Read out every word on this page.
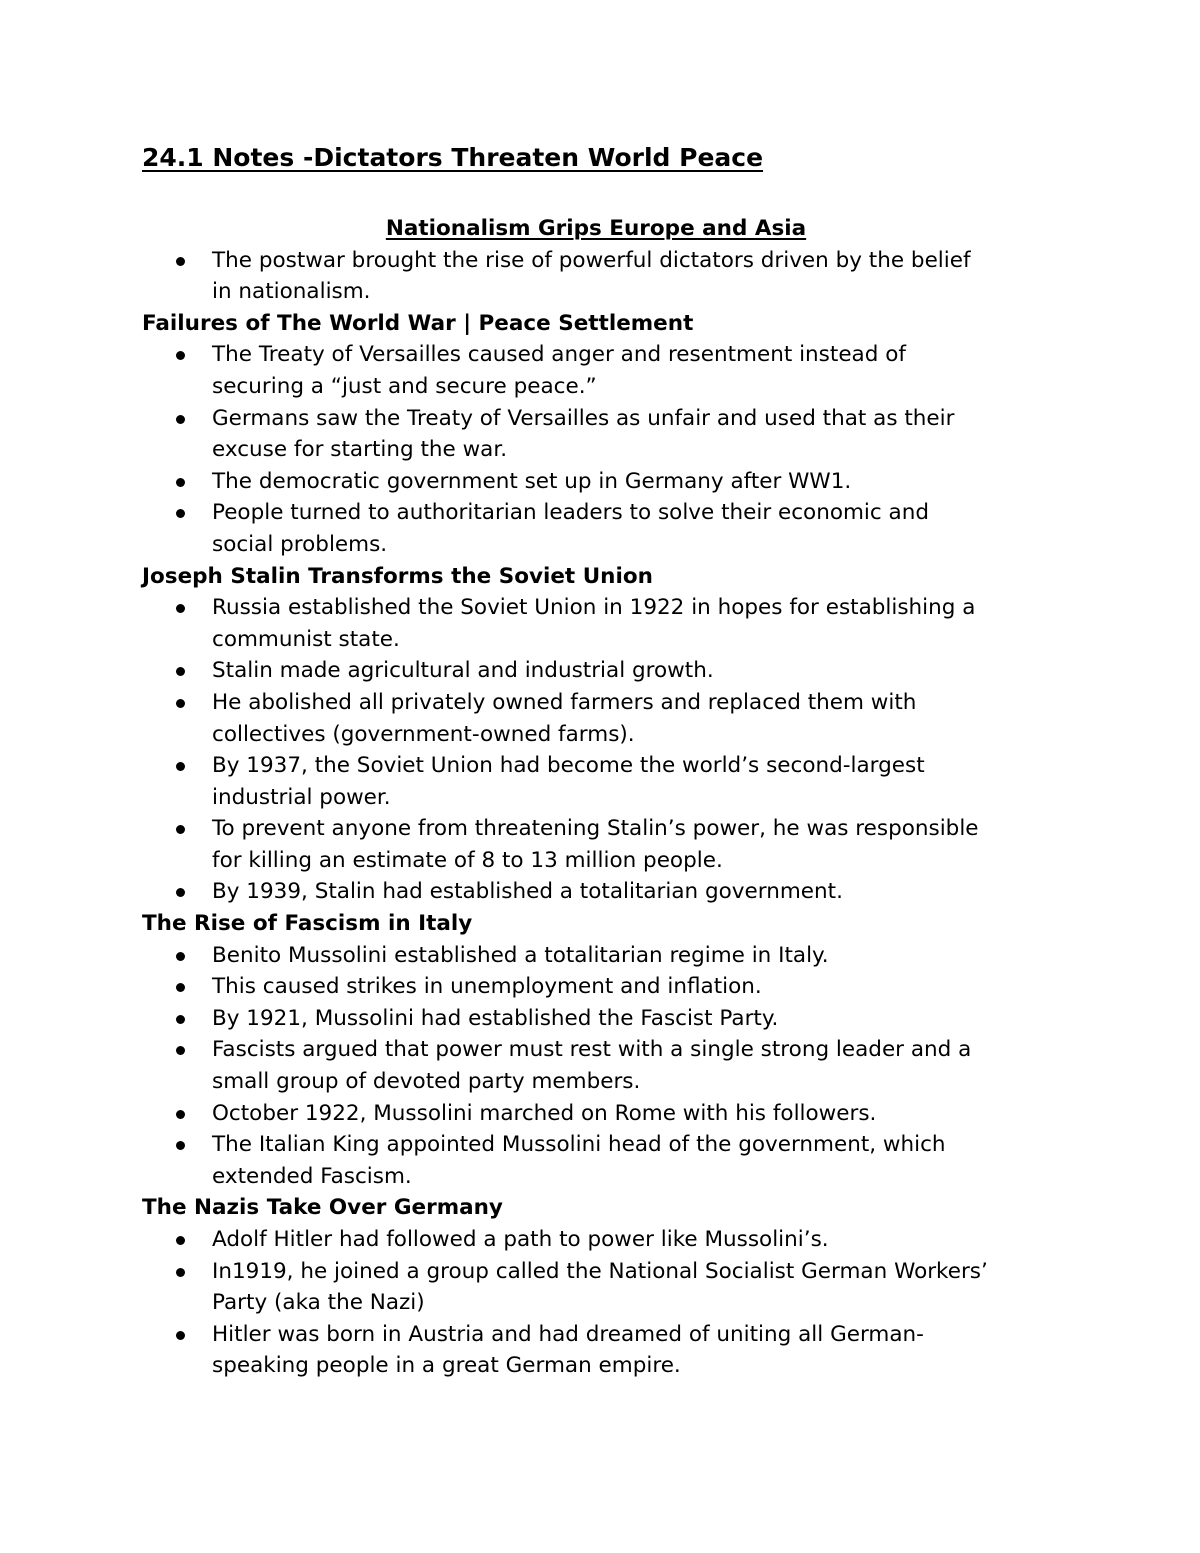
24.1 Notes -Dictators Threaten World Peace
Nationalism Grips Europe and Asia
The postwar brought the rise of powerful dictators driven by the belief in nationalism.
Failures of The World War | Peace Settlement
The Treaty of Versailles caused anger and resentment instead of securing a “just and secure peace.”
Germans saw the Treaty of Versailles as unfair and used that as their excuse for starting the war.
The democratic government set up in Germany after WW1.
People turned to authoritarian leaders to solve their economic and social problems.
Joseph Stalin Transforms the Soviet Union
Russia established the Soviet Union in 1922 in hopes for establishing a communist state.
Stalin made agricultural and industrial growth.
He abolished all privately owned farmers and replaced them with collectives (government-owned farms).
By 1937, the Soviet Union had become the world’s second-largest industrial power.
To prevent anyone from threatening Stalin’s power, he was responsible for killing an estimate of 8 to 13 million people.
By 1939, Stalin had established a totalitarian government.
The Rise of Fascism in Italy
Benito Mussolini established a totalitarian regime in Italy.
This caused strikes in unemployment and inflation.
By 1921, Mussolini had established the Fascist Party.
Fascists argued that power must rest with a single strong leader and a small group of devoted party members.
October 1922, Mussolini marched on Rome with his followers.
The Italian King appointed Mussolini head of the government, which extended Fascism.
The Nazis Take Over Germany
Adolf Hitler had followed a path to power like Mussolini’s.
In1919, he joined a group called the National Socialist German Workers’ Party (aka the Nazi)
Hitler was born in Austria and had dreamed of uniting all German-speaking people in a great German empire.
